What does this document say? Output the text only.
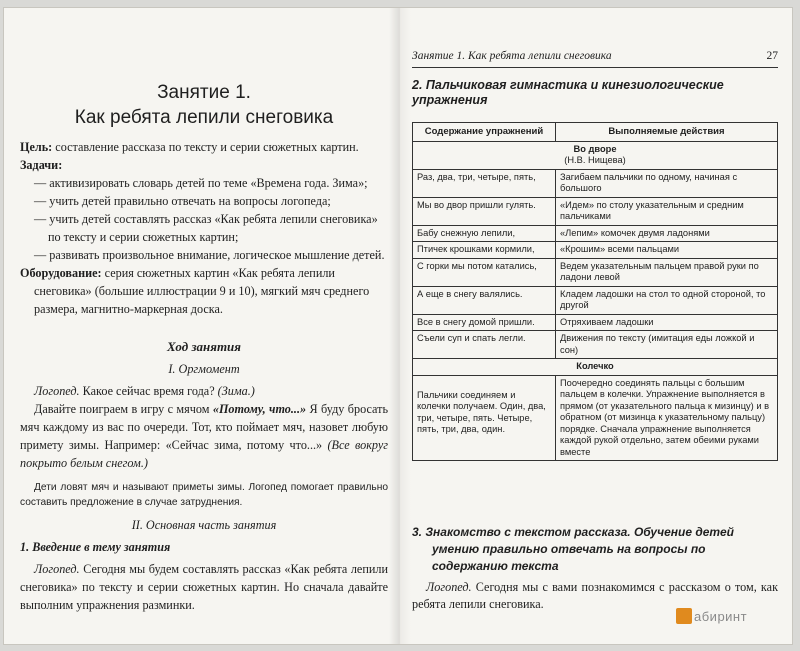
Занятие 1.
Как ребята лепили снеговика

Цель: составление рассказа по тексту и серии сюжетных картин.

Задачи:

— активизировать словарь детей по теме «Времена года. Зима»;

— учить детей правильно отвечать на вопросы логопеда;

— учить детей составлять рассказ «Как ребята лепили снеговика» по тексту и серии сюжетных картин;

— развивать произвольное внимание, логическое мышление детей.

Оборудование: серия сюжетных картин «Как ребята лепили снеговика» (большие иллюстрации 9 и 10), мягкий мяч среднего размера, магнитно-маркерная доска.

Ход занятия

I. Оргмомент

Логопед. Какое сейчас время года? (Зима.)

Давайте поиграем в игру с мячом «Потому, что...» Я буду бросать мяч каждому из вас по очереди. Тот, кто поймает мяч, назовет любую примету зимы. Например: «Сейчас зима, потому что...» (Все вокруг покрыто белым снегом.)

Дети ловят мяч и называют приметы зимы. Логопед помогает правильно составить предложение в случае затруднения.

II. Основная часть занятия

1. Введение в тему занятия

Логопед. Сегодня мы будем составлять рассказ «Как ребята лепили снеговика» по тексту и серии сюжетных картин. Но сначала давайте выполним упражнения разминки.

Занятие 1. Как ребята лепили снеговика	27
2. Пальчиковая гимнастика и кинезиологические упражнения
Содержание упражнений	Выполняемые действия
Во дворе
(Н.В. Нищева)	
Раз, два, три, четыре, пять,	Загибаем пальчики по одному, начиная с большого
Мы во двор пришли гулять.	«Идем» по столу указательным и средним пальчиками
Бабу снежную лепили,	«Лепим» комочек двумя ладонями
Птичек крошками кормили,	«Крошим» всеми пальцами
С горки мы потом катались,	Ведем указательным пальцем правой руки по ладони левой
А еще в снегу валялись.	Кладем ладошки на стол то одной стороной, то другой
Все в снегу домой пришли.	Отряхиваем ладошки
Съели суп и спать легли.	Движения по тексту (имитация еды ложкой и сон)
Колечко	
Пальчики соединяем и колечки получаем. Один, два, три, четыре, пять. Четыре, пять, три, два, один.	Поочередно соединять пальцы с большим пальцем в колечки. Упражнение выполняется в прямом (от указательного пальца к мизинцу) и в обратном (от мизинца к указательному пальцу) порядке. Сначала упражнение выполняется каждой рукой отдельно, затем обеими руками вместе

3. Знакомство с текстом рассказа. Обучение детей умению правильно отвечать на вопросы по содержанию текста

Логопед. Сегодня мы с вами познакомимся с рассказом о том, как ребята лепили снеговика.

абиринт
